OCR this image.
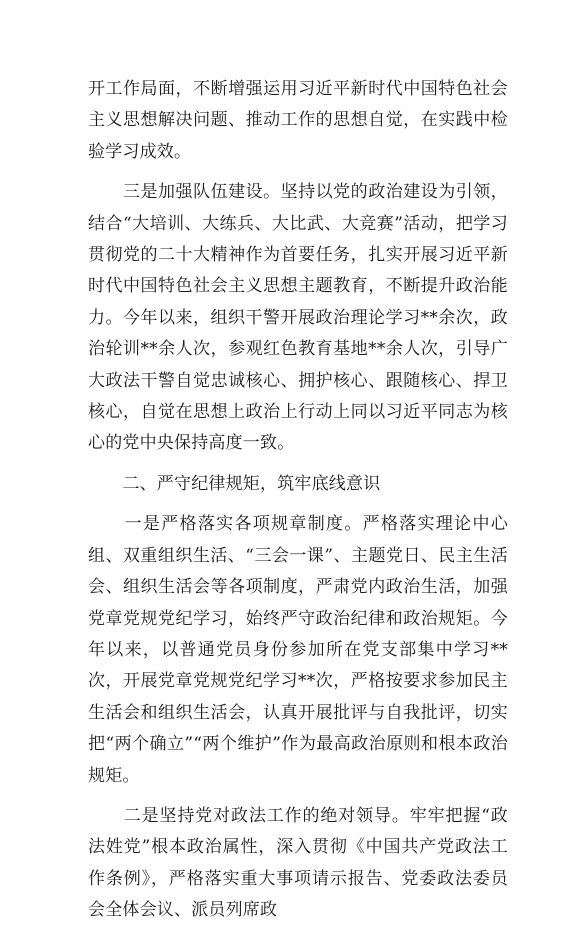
开工作局面，不断增强运用习近平新时代中国特色社会主义思想解决问题、推动工作的思想自觉，在实践中检验学习成效。

　　三是加强队伍建设。坚持以党的政治建设为引领，结合“大培训、大练兵、大比武、大竞赛”活动，把学习贯彻党的二十大精神作为首要任务，扎实开展习近平新时代中国特色社会主义思想主题教育，不断提升政治能力。今年以来，组织干警开展政治理论学习**余次，政治轮训**余人次，参观红色教育基地**余人次，引导广大政法干警自觉忠诚核心、拥护核心、跟随核心、捍卫核心，自觉在思想上政治上行动上同以习近平同志为核心的党中央保持高度一致。

　　二、严守纪律规矩，筑牢底线意识

　　一是严格落实各项规章制度。严格落实理论中心组、双重组织生活、“三会一课”、主题党日、民主生活会、组织生活会等各项制度，严肃党内政治生活，加强党章党规党纪学习，始终严守政治纪律和政治规矩。今年以来，以普通党员身份参加所在党支部集中学习**次，开展党章党规党纪学习**次，严格按要求参加民主生活会和组织生活会，认真开展批评与自我批评，切实把“两个确立”“两个维护”作为最高政治原则和根本政治规矩。

　　二是坚持党对政法工作的绝对领导。牢牢把握“政法姓党”根本政治属性，深入贯彻《中国共产党政法工作条例》，严格落实重大事项请示报告、党委政法委员会全体会议、派员列席政
